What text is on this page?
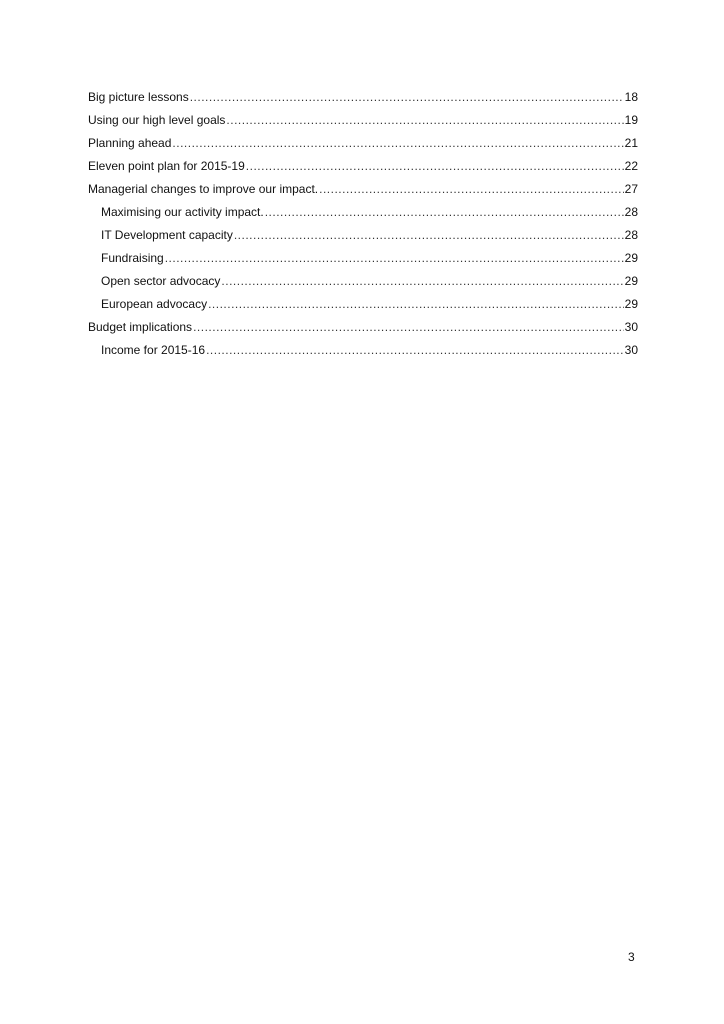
Big picture lessons .....	18
Using our high level goals .....	19
Planning ahead .....	21
Eleven point plan for 2015-19 .....	22
Managerial changes to improve our impact. .....	27
Maximising our activity impact. .....	28
IT Development capacity .....	28
Fundraising .....	29
Open sector advocacy .....	29
European advocacy .....	29
Budget implications .....	30
Income for 2015-16 .....	30
3
